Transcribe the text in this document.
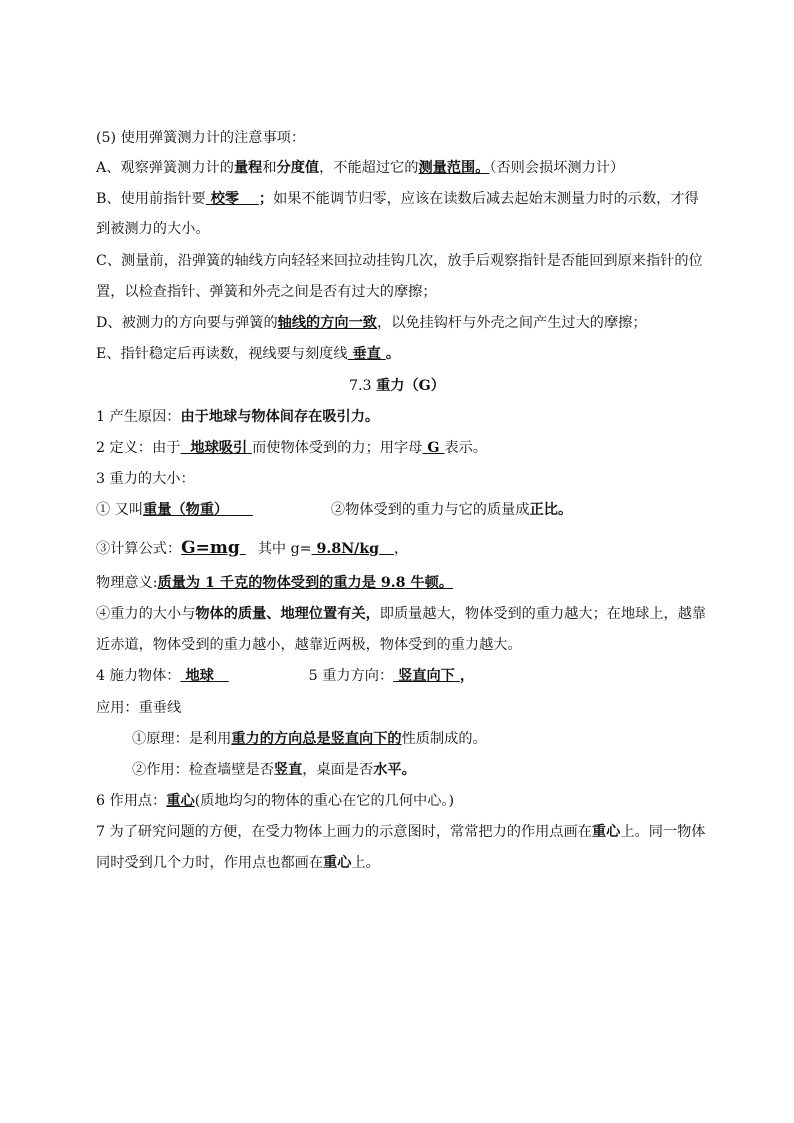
(5) 使用弹簧测力计的注意事项：
A、观察弹簧测力计的量程和分度值，不能超过它的测量范围。（否则会损坏测力计）
B、使用前指针要 校零 ；如果不能调节归零，应该在读数后减去起始末测量力时的示数，才得
到被测力的大小。
C、测量前，沿弹簧的轴线方向轻轻来回拉动挂钩几次，放手后观察指针是否能回到原来指针的位
置，以检查指针、弹簧和外壳之间是否有过大的摩擦；
D、被测力的方向要与弹簧的轴线的方向一致，以免挂钩杆与外壳之间产生过大的摩擦；
E、指针稳定后再读数，视线要与刻度线 垂直 。
7.3 重力（G）
1 产生原因：由于地球与物体间存在吸引力。
2 定义：由于 地球吸引 而使物体受到的力；用字母 G 表示。
3 重力的大小：
① 又叫重量（物重）	②物体受到的重力与它的质量成正比。
③计算公式：G=mg 其中 g= 9.8N/kg ，
物理意义:质量为 1 千克的物体受到的重力是 9.8 牛顿。
④重力的大小与物体的质量、地理位置有关，即质量越大，物体受到的重力越大；在地球上，越靠
近赤道，物体受到的重力越小，越靠近两极，物体受到的重力越大。
4 施力物体： 地球	5 重力方向： 竖直向下 ，
应用：重垂线
①原理：是利用重力的方向总是竖直向下的性质制成的。
②作用：检查墙壁是否竖直，桌面是否水平。
6 作用点：重心(质地均匀的物体的重心在它的几何中心。)
7 为了研究问题的方便，在受力物体上画力的示意图时，常常把力的作用点画在重心上。同一物体
同时受到几个力时，作用点也都画在重心上。
